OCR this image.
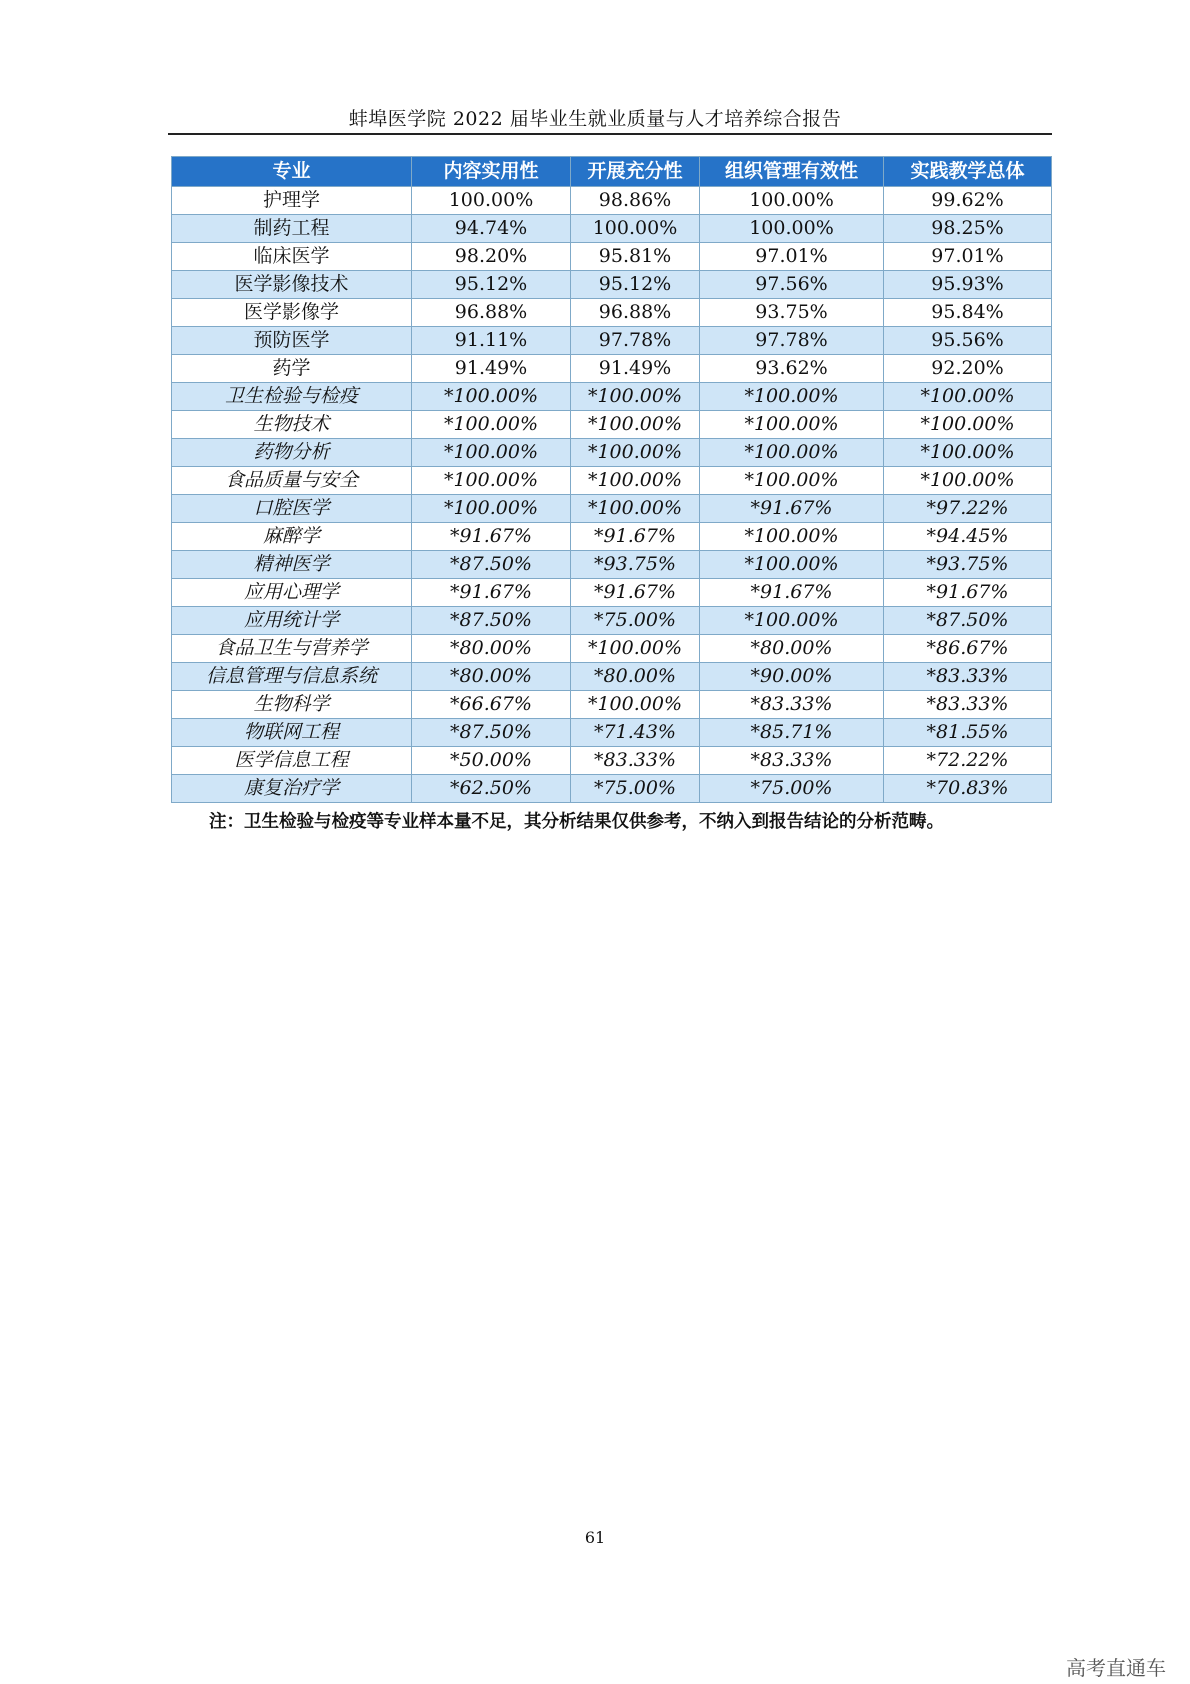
蚌埠医学院 2022 届毕业生就业质量与人才培养综合报告
专业	内容实用性	开展充分性	组织管理有效性	实践教学总体
护理学	100.00%	98.86%	100.00%	99.62%
制药工程	94.74%	100.00%	100.00%	98.25%
临床医学	98.20%	95.81%	97.01%	97.01%
医学影像技术	95.12%	95.12%	97.56%	95.93%
医学影像学	96.88%	96.88%	93.75%	95.84%
预防医学	91.11%	97.78%	97.78%	95.56%
药学	91.49%	91.49%	93.62%	92.20%
卫生检验与检疫	*100.00%	*100.00%	*100.00%	*100.00%
生物技术	*100.00%	*100.00%	*100.00%	*100.00%
药物分析	*100.00%	*100.00%	*100.00%	*100.00%
食品质量与安全	*100.00%	*100.00%	*100.00%	*100.00%
口腔医学	*100.00%	*100.00%	*91.67%	*97.22%
麻醉学	*91.67%	*91.67%	*100.00%	*94.45%
精神医学	*87.50%	*93.75%	*100.00%	*93.75%
应用心理学	*91.67%	*91.67%	*91.67%	*91.67%
应用统计学	*87.50%	*75.00%	*100.00%	*87.50%
食品卫生与营养学	*80.00%	*100.00%	*80.00%	*86.67%
信息管理与信息系统	*80.00%	*80.00%	*90.00%	*83.33%
生物科学	*66.67%	*100.00%	*83.33%	*83.33%
物联网工程	*87.50%	*71.43%	*85.71%	*81.55%
医学信息工程	*50.00%	*83.33%	*83.33%	*72.22%
康复治疗学	*62.50%	*75.00%	*75.00%	*70.83%
注：卫生检验与检疫等专业样本量不足，其分析结果仅供参考，不纳入到报告结论的分析范畴。
61
高考直通车
